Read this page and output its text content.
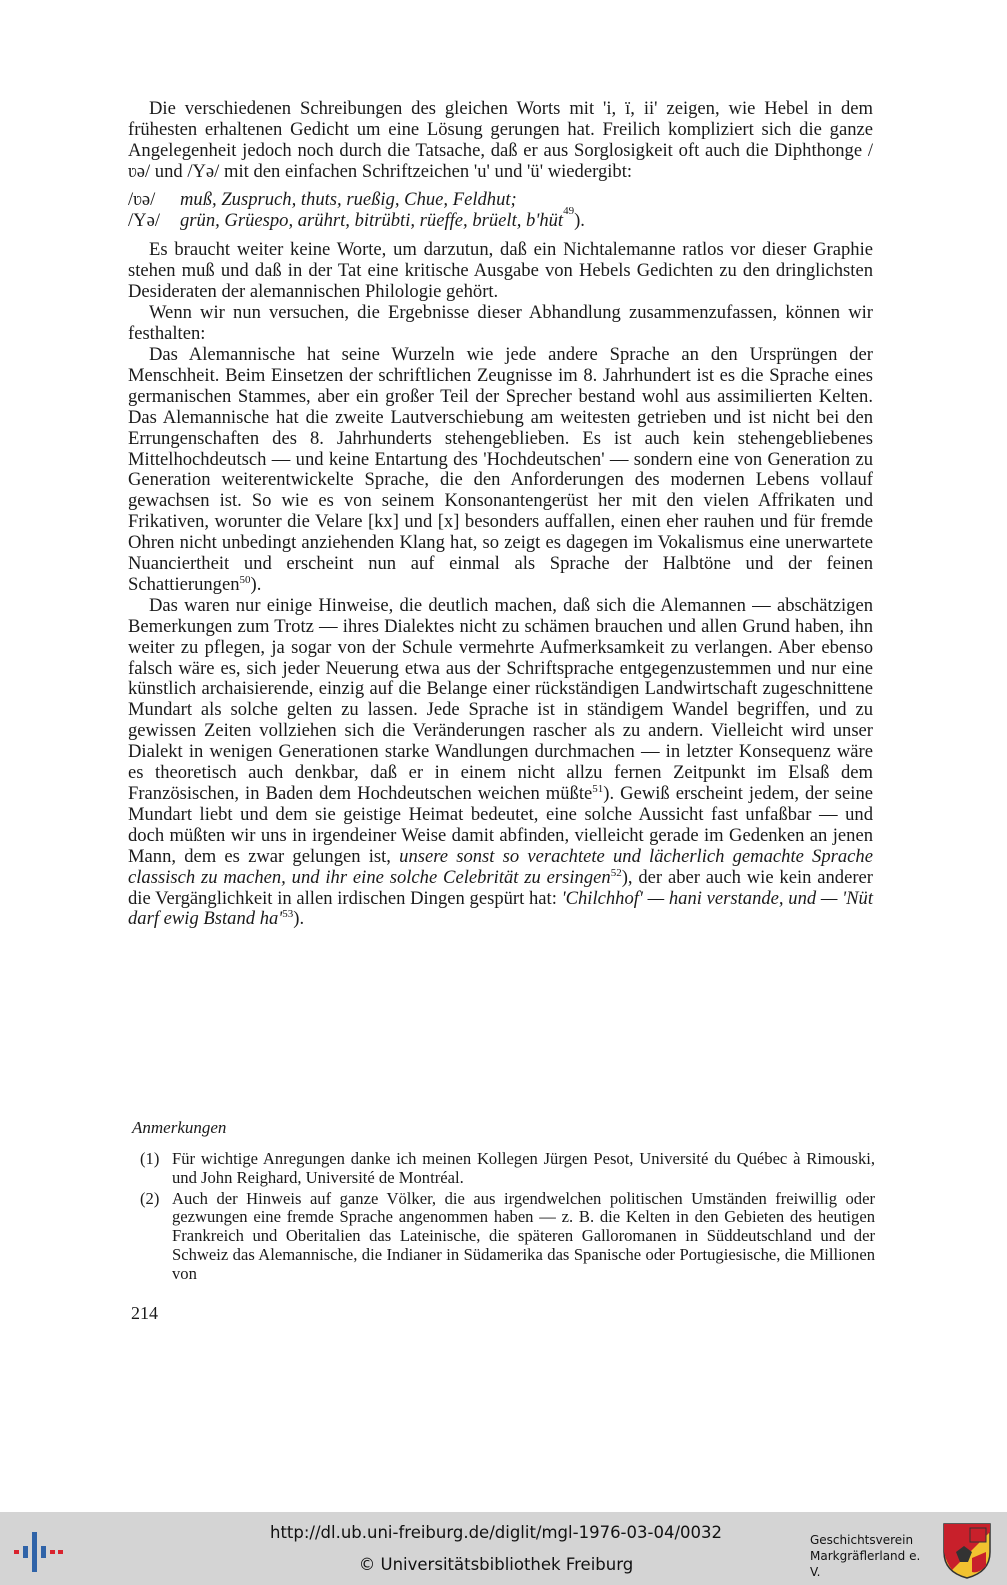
Die verschiedenen Schreibungen des gleichen Worts mit 'i, ï, ii' zeigen, wie Hebel in dem frühesten erhaltenen Gedicht um eine Lösung gerungen hat. Freilich kompliziert sich die ganze Angelegenheit jedoch noch durch die Tatsache, daß er aus Sorglosigkeit oft auch die Diphthonge /ʋə/ und /Yə/ mit den einfachen Schriftzeichen 'u' und 'ü' wiedergibt:

/ʋə/	muß, Zuspruch, thuts, rueßig, Chue, Feldhut;
/Yə/	grün, Grüespo, arührt, bitrübti, rüeffe, brüelt, b'hüt 49 ).

Es braucht weiter keine Worte, um darzutun, daß ein Nichtalemanne ratlos vor dieser Graphie stehen muß und daß in der Tat eine kritische Ausgabe von Hebels Gedichten zu den dringlichsten Desideraten der alemannischen Philologie gehört.

Wenn wir nun versuchen, die Ergebnisse dieser Abhandlung zusammenzufassen, können wir festhalten:

Das Alemannische hat seine Wurzeln wie jede andere Sprache an den Ursprüngen der Menschheit. Beim Einsetzen der schriftlichen Zeugnisse im 8. Jahrhundert ist es die Sprache eines germanischen Stammes, aber ein großer Teil der Sprecher bestand wohl aus assimilierten Kelten. Das Alemannische hat die zweite Lautverschiebung am weitesten getrieben und ist nicht bei den Errungenschaften des 8. Jahrhunderts stehengeblieben. Es ist auch kein stehengebliebenes Mittelhochdeutsch — und keine Entartung des 'Hochdeutschen' — sondern eine von Generation zu Generation weiterentwickelte Sprache, die den Anforderungen des modernen Lebens vollauf gewachsen ist. So wie es von seinem Konsonantengerüst her mit den vielen Affrikaten und Frikativen, worunter die Velare [kx] und [x] besonders auffallen, einen eher rauhen und für fremde Ohren nicht unbedingt anziehenden Klang hat, so zeigt es dagegen im Vokalismus eine unerwartete Nuanciertheit und erscheint nun auf einmal als Sprache der Halbtöne und der feinen Schattierungen$^{50}$).

Das waren nur einige Hinweise, die deutlich machen, daß sich die Alemannen — abschätzigen Bemerkungen zum Trotz — ihres Dialektes nicht zu schämen brauchen und allen Grund haben, ihn weiter zu pflegen, ja sogar von der Schule vermehrte Aufmerksamkeit zu verlangen. Aber ebenso falsch wäre es, sich jeder Neuerung etwa aus der Schriftsprache entgegenzustemmen und nur eine künstlich archaisierende, einzig auf die Belange einer rückständigen Landwirtschaft zugeschnittene Mundart als solche gelten zu lassen. Jede Sprache ist in ständigem Wandel begriffen, und zu gewissen Zeiten vollziehen sich die Veränderungen rascher als zu andern. Vielleicht wird unser Dialekt in wenigen Generationen starke Wandlungen durchmachen — in letzter Konsequenz wäre es theoretisch auch denkbar, daß er in einem nicht allzu fernen Zeitpunkt im Elsaß dem Französischen, in Baden dem Hochdeutschen weichen müßte$^{51}$). Gewiß erscheint jedem, der seine Mundart liebt und dem sie geistige Heimat bedeutet, eine solche Aussicht fast unfaßbar — und doch müßten wir uns in irgendeiner Weise damit abfinden, vielleicht gerade im Gedenken an jenen Mann, dem es zwar gelungen ist, unsere sonst so verachtete und lächerlich gemachte Sprache classisch zu machen, und ihr eine solche Celebrität zu ersingen$^{52}$), der aber auch wie kein anderer die Vergänglichkeit in allen irdischen Dingen gespürt hat: 'Chilchhof' — hani verstande, und — 'Nüt darf ewig Bstand $ha'^{53}$).

Anmerkungen
(1) Für wichtige Anregungen danke ich meinen Kollegen Jürgen Pesot, Université du Québec à Rimouski, und John Reighard, Université de Montréal.
(2) Auch der Hinweis auf ganze Völker, die aus irgendwelchen politischen Umständen freiwillig oder gezwungen eine fremde Sprache angenommen haben — z. B. die Kelten in den Gebieten des heutigen Frankreich und Oberitalien das Lateinische, die späteren Galloromanen in Süddeutschland und der Schweiz das Alemannische, die Indianer in Südamerika das Spanische oder Portugiesische, die Millionen von
214
http://dl.ub.uni-freiburg.de/diglit/mgl-1976-03-04/0032
© Universitätsbibliothek Freiburg
Geschichtsverein
Markgräflerland e. V.
